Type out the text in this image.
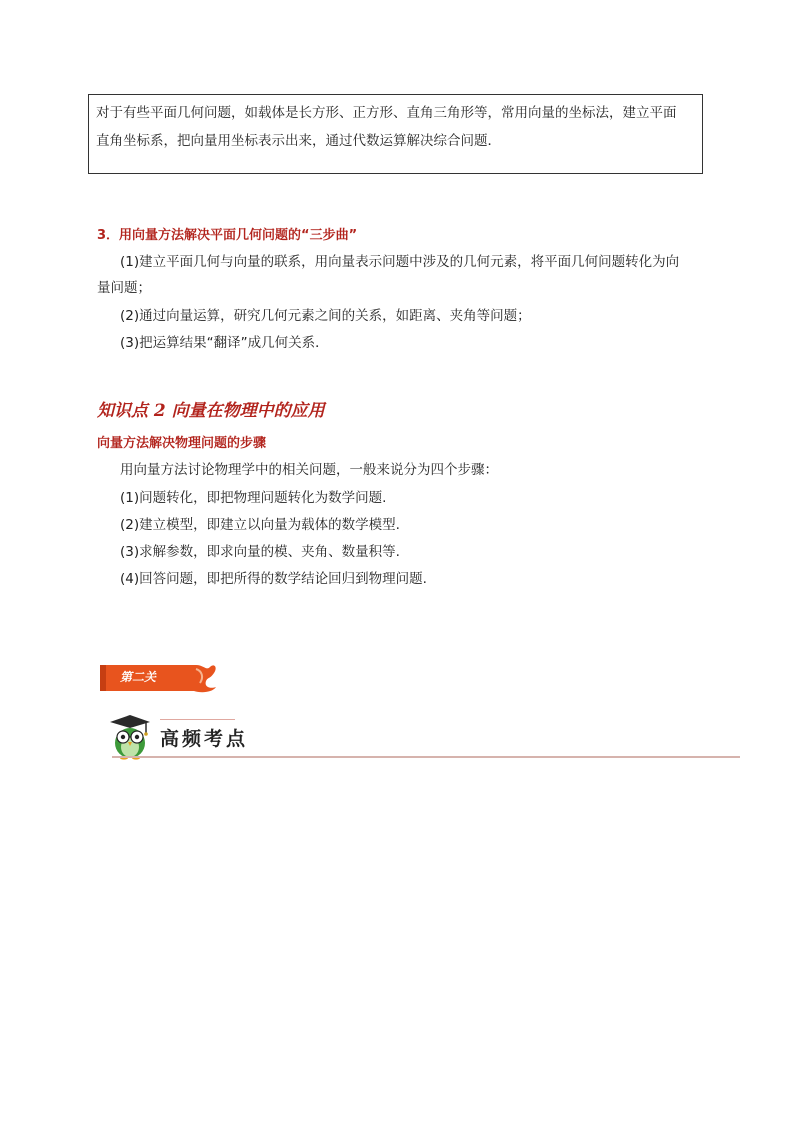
对于有些平面几何问题，如载体是长方形、正方形、直角三角形等，常用向量的坐标法，建立平面
直角坐标系，把向量用坐标表示出来，通过代数运算解决综合问题．
3．用向量方法解决平面几何问题的“三步曲”
(1)建立平面几何与向量的联系，用向量表示问题中涉及的几何元素，将平面几何问题转化为向
量问题；
(2)通过向量运算，研究几何元素之间的关系，如距离、夹角等问题；
(3)把运算结果“翻译”成几何关系．
知识点 2 向量在物理中的应用
向量方法解决物理问题的步骤
用向量方法讨论物理学中的相关问题，一般来说分为四个步骤：
(1)问题转化，即把物理问题转化为数学问题.
(2)建立模型，即建立以向量为载体的数学模型.
(3)求解参数，即求向量的模、夹角、数量积等.
(4)回答问题，即把所得的数学结论回归到物理问题.
第二关
高频考点
